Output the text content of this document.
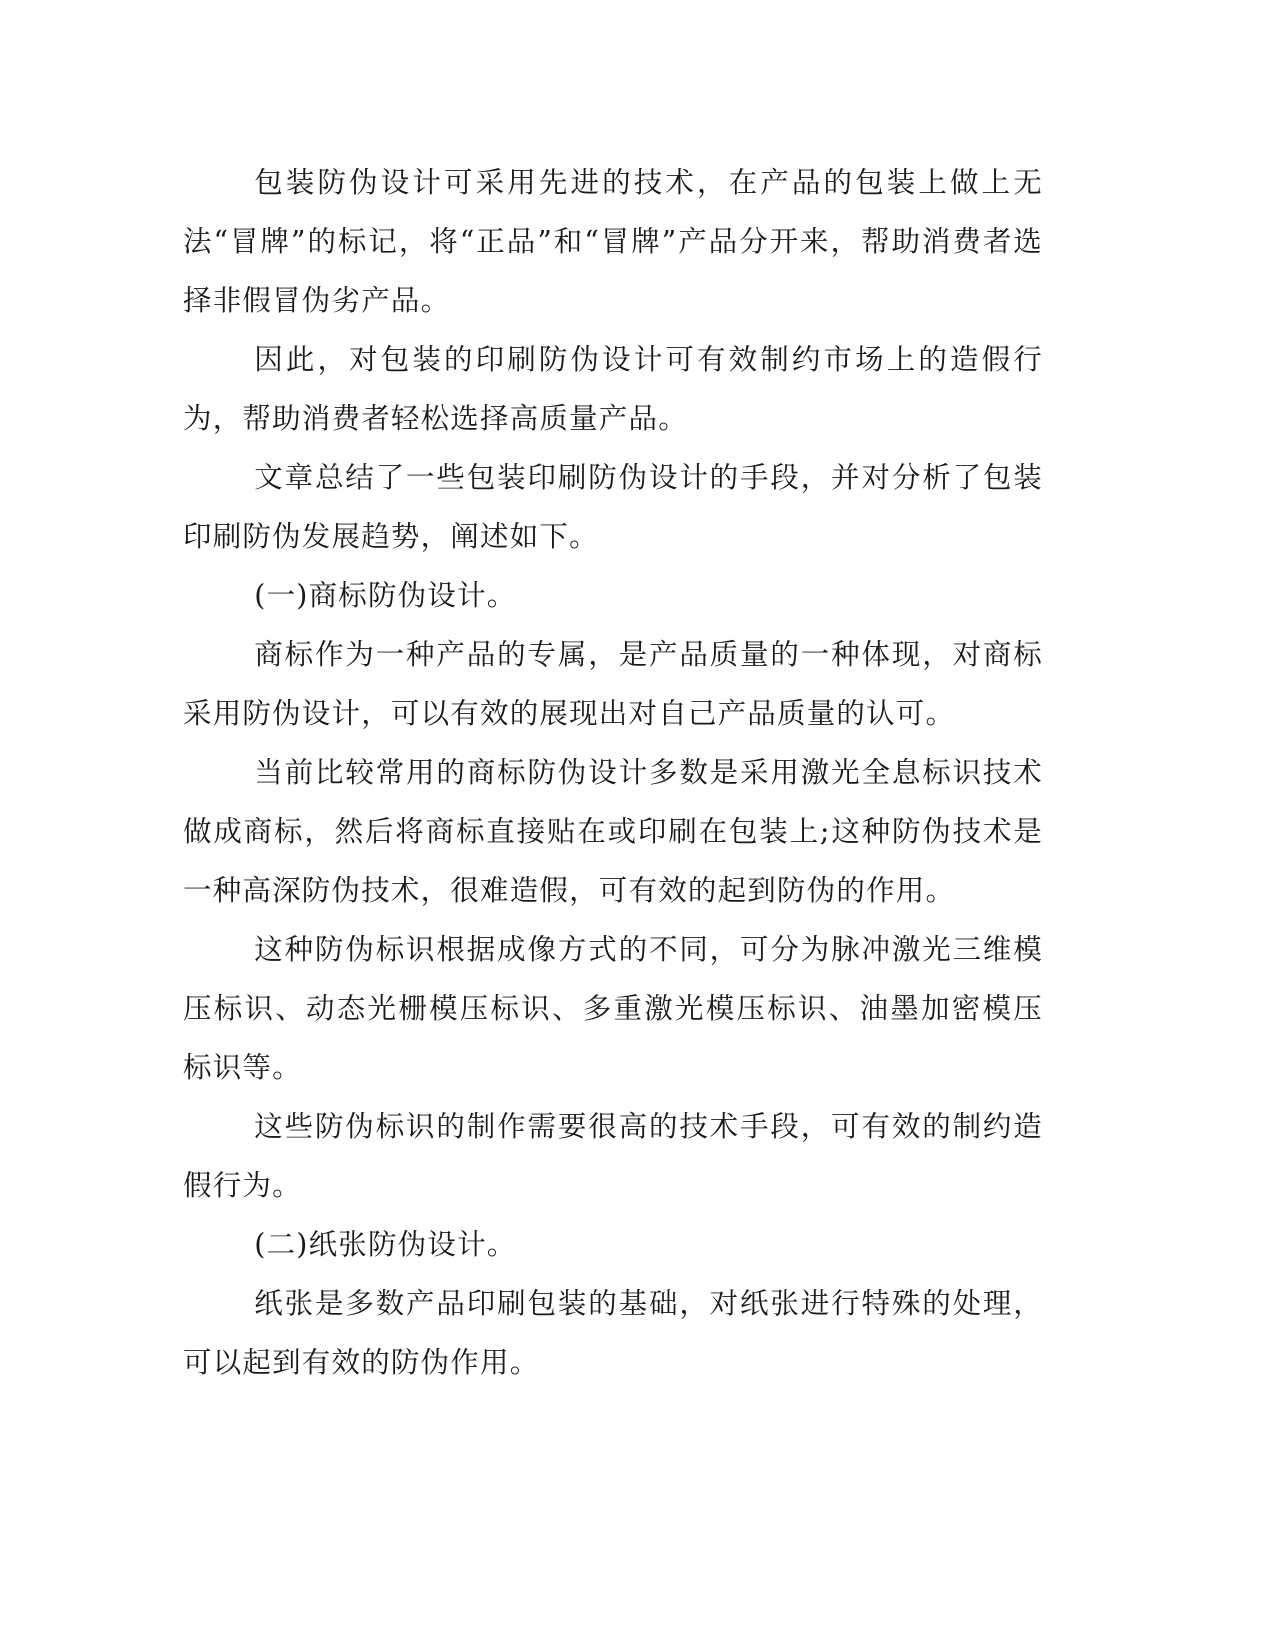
包装防伪设计可采用先进的技术，在产品的包装上做上无法“冒牌”的标记，将“正品”和“冒牌”产品分开来，帮助消费者选择非假冒伪劣产品。

因此，对包装的印刷防伪设计可有效制约市场上的造假行为，帮助消费者轻松选择高质量产品。

文章总结了一些包装印刷防伪设计的手段，并对分析了包装印刷防伪发展趋势，阐述如下。

(一)商标防伪设计。

商标作为一种产品的专属，是产品质量的一种体现，对商标采用防伪设计，可以有效的展现出对自己产品质量的认可。

当前比较常用的商标防伪设计多数是采用激光全息标识技术做成商标，然后将商标直接贴在或印刷在包装上;这种防伪技术是一种高深防伪技术，很难造假，可有效的起到防伪的作用。

这种防伪标识根据成像方式的不同，可分为脉冲激光三维模压标识、动态光栅模压标识、多重激光模压标识、油墨加密模压标识等。

这些防伪标识的制作需要很高的技术手段，可有效的制约造假行为。

(二)纸张防伪设计。

纸张是多数产品印刷包装的基础，对纸张进行特殊的处理，可以起到有效的防伪作用。
